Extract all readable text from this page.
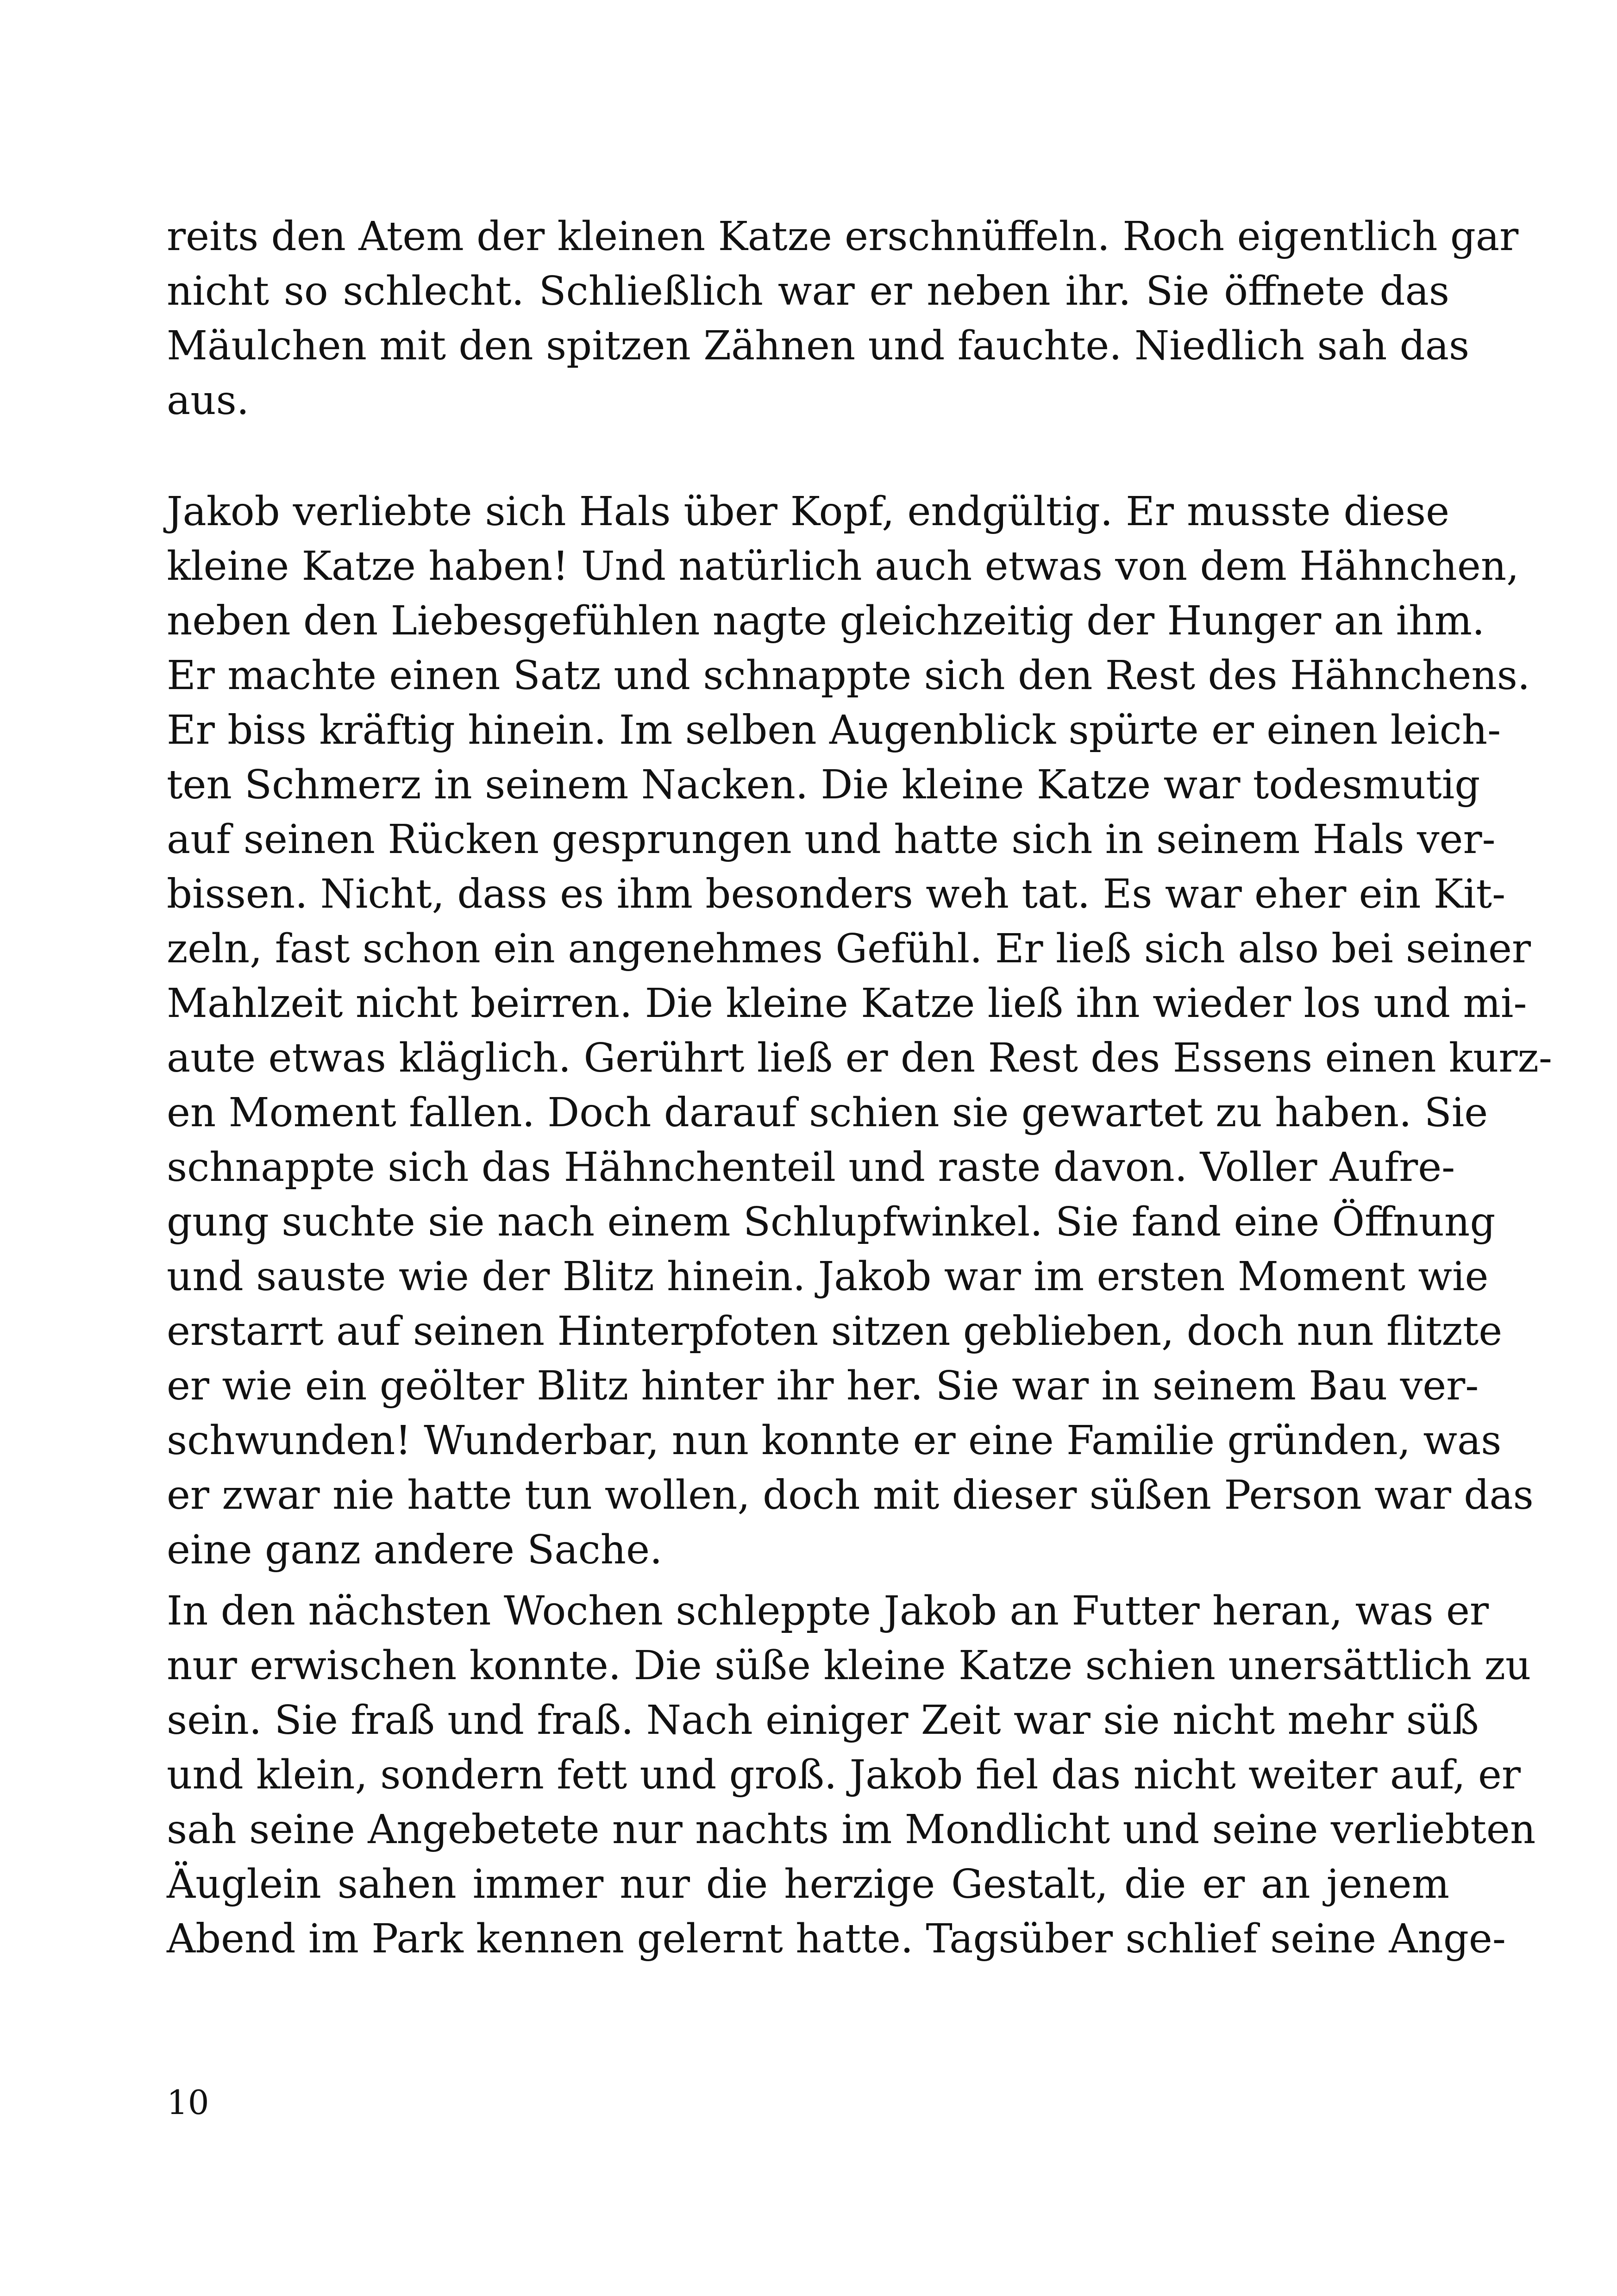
reits den Atem der kleinen Katze erschnüffeln. Roch eigentlich gar
nicht so schlecht. Schließlich war er neben ihr. Sie öffnete das
Mäulchen mit den spitzen Zähnen und fauchte. Niedlich sah das
aus.
Jakob verliebte sich Hals über Kopf, endgültig. Er musste diese
kleine Katze haben! Und natürlich auch etwas von dem Hähnchen,
neben den Liebesgefühlen nagte gleichzeitig der Hunger an ihm.
Er machte einen Satz und schnappte sich den Rest des Hähnchens.
Er biss kräftig hinein. Im selben Augenblick spürte er einen leich-
ten Schmerz in seinem Nacken. Die kleine Katze war todesmutig
auf seinen Rücken gesprungen und hatte sich in seinem Hals ver-
bissen. Nicht, dass es ihm besonders weh tat. Es war eher ein Kit-
zeln, fast schon ein angenehmes Gefühl. Er ließ sich also bei seiner
Mahlzeit nicht beirren. Die kleine Katze ließ ihn wieder los und mi-
aute etwas kläglich. Gerührt ließ er den Rest des Essens einen kurz-
en Moment fallen. Doch darauf schien sie gewartet zu haben. Sie
schnappte sich das Hähnchenteil und raste davon. Voller Aufre-
gung suchte sie nach einem Schlupfwinkel. Sie fand eine Öffnung
und sauste wie der Blitz hinein. Jakob war im ersten Moment wie
erstarrt auf seinen Hinterpfoten sitzen geblieben, doch nun flitzte
er wie ein geölter Blitz hinter ihr her. Sie war in seinem Bau ver-
schwunden! Wunderbar, nun konnte er eine Familie gründen, was
er zwar nie hatte tun wollen, doch mit dieser süßen Person war das
eine ganz andere Sache.
In den nächsten Wochen schleppte Jakob an Futter heran, was er
nur erwischen konnte. Die süße kleine Katze schien unersättlich zu
sein. Sie fraß und fraß. Nach einiger Zeit war sie nicht mehr süß
und klein, sondern fett und groß. Jakob fiel das nicht weiter auf, er
sah seine Angebetete nur nachts im Mondlicht und seine verliebten
Äuglein sahen immer nur die herzige Gestalt, die er an jenem
Abend im Park kennen gelernt hatte. Tagsüber schlief seine Ange-
10
